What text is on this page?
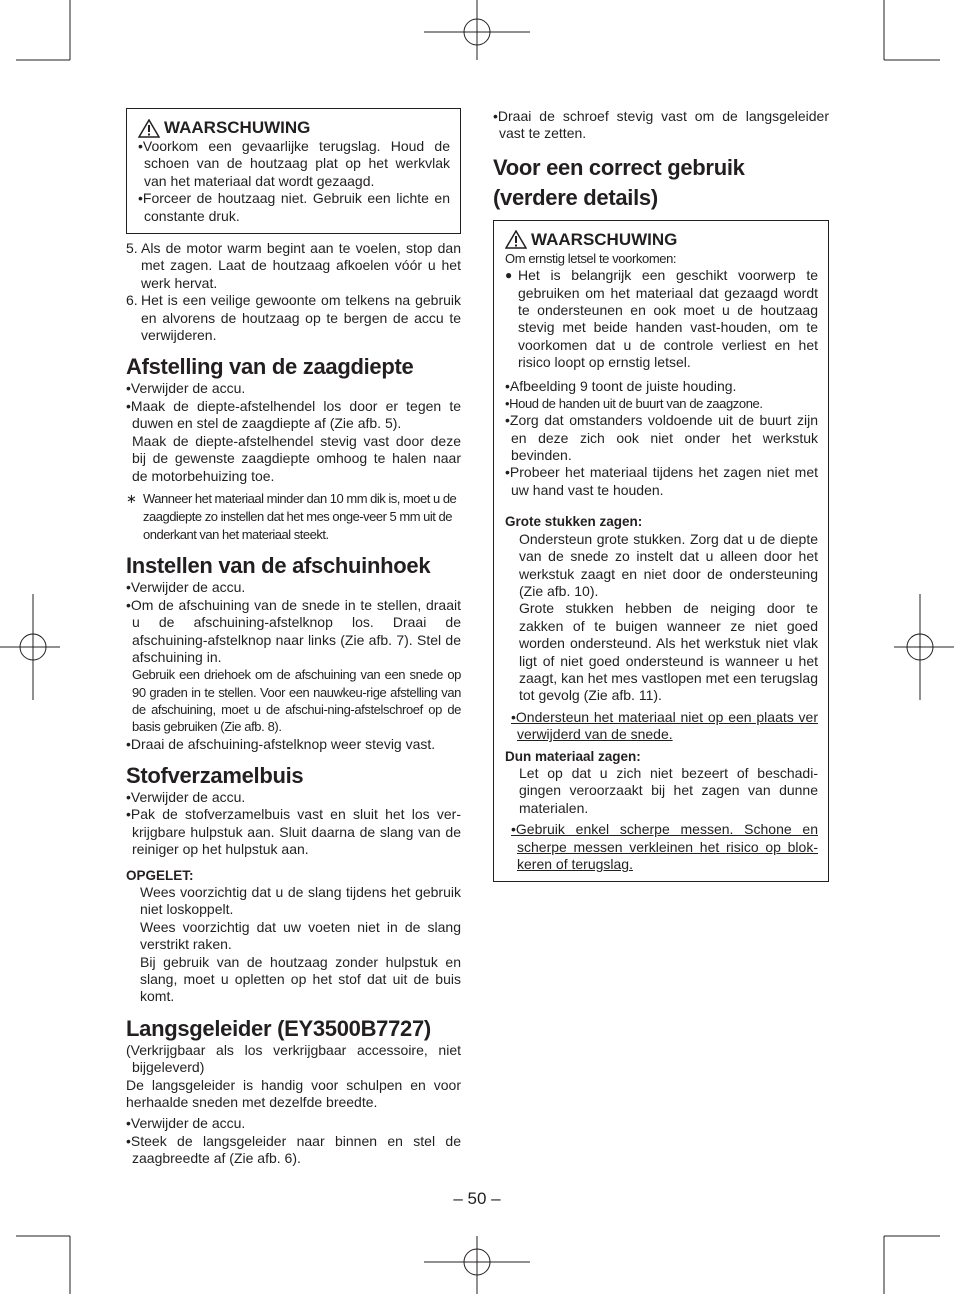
WAARSCHUWING

•Voorkom een gevaarlijke terugslag. Houd de schoen van de houtzaag plat op het werkvlak van het materiaal dat wordt gezaagd.

•Forceer de houtzaag niet. Gebruik een lichte en constante druk.

5. Als de motor warm begint aan te voelen, stop dan met zagen. Laat de houtzaag afkoelen vóór u het werk hervat.
6. Het is een veilige gewoonte om telkens na gebruik en alvorens de houtzaag op te bergen de accu te verwijderen.
Afstelling van de zaagdiepte

•Verwijder de accu.

•Maak de diepte-afstelhendel los door er tegen te duwen en stel de zaagdiepte af (Zie afb. 5).

Maak de diepte-afstelhendel stevig vast door deze bij de gewenste zaagdiepte omhoog te halen naar de motorbehuizing toe.

∗ Wanneer het materiaal minder dan 10 mm dik is, moet u de zaagdiepte zo instellen dat het mes onge-veer 5 mm uit de onderkant van het materiaal steekt.
Instellen van de afschuinhoek

•Verwijder de accu.

•Om de afschuining van de snede in te stellen, draait u de afschuining-afstelknop los. Draai de afschuining-afstelknop naar links (Zie afb. 7). Stel de afschuining in.

Gebruik een driehoek om de afschuining van een snede op 90 graden in te stellen. Voor een nauwkeu-rige afstelling van de afschuining, moet u de afschui-ning-afstelschroef op de basis gebruiken (Zie afb. 8).

•Draai de afschuining-afstelknop weer stevig vast.

Stofverzamelbuis

•Verwijder de accu.

•Pak de stofverzamelbuis vast en sluit het los ver-krijgbare hulpstuk aan. Sluit daarna de slang van de reiniger op het hulpstuk aan.

OPGELET:

Wees voorzichtig dat u de slang tijdens het gebruik niet loskoppelt.

Wees voorzichtig dat uw voeten niet in de slang verstrikt raken.

Bij gebruik van de houtzaag zonder hulpstuk en slang, moet u opletten op het stof dat uit de buis komt.

Langsgeleider (EY3500B7727)

(Verkrijgbaar als los verkrijgbaar accessoire, niet bijgeleverd)

De langsgeleider is handig voor schulpen en voor herhaalde sneden met dezelfde breedte.

•Verwijder de accu.

•Steek de langsgeleider naar binnen en stel de zaagbreedte af (Zie afb. 6).

•Draai de schroef stevig vast om de langsgeleider vast te zetten.

Voor een correct gebruik (verdere details)
WAARSCHUWING

Om ernstig letsel te voorkomen:

● Het is belangrijk een geschikt voorwerp te gebruiken om het materiaal dat gezaagd wordt te ondersteunen en ook moet u de houtzaag stevig met beide handen vast-houden, om te voorkomen dat u de controle verliest en het risico loopt op ernstig letsel.

•Afbeelding 9 toont de juiste houding.

•Houd de handen uit de buurt van de zaagzone.

•Zorg dat omstanders voldoende uit de buurt zijn en deze zich ook niet onder het werkstuk bevinden.

•Probeer het materiaal tijdens het zagen niet met uw hand vast te houden.

Grote stukken zagen:

Ondersteun grote stukken. Zorg dat u de diepte van de snede zo instelt dat u alleen door het werkstuk zaagt en niet door de ondersteuning (Zie afb. 10).

Grote stukken hebben de neiging door te zakken of te buigen wanneer ze niet goed worden ondersteund. Als het werkstuk niet vlak ligt of niet goed ondersteund is wanneer u het zaagt, kan het mes vastlopen met een terugslag tot gevolg (Zie afb. 11).

•Ondersteun het materiaal niet op een plaats ver verwijderd van de snede.

Dun materiaal zagen:

Let op dat u zich niet bezeert of beschadi-gingen veroorzaakt bij het zagen van dunne materialen.

•Gebruik enkel scherpe messen. Schone en scherpe messen verkleinen het risico op blok-keren of terugslag.

– 50 –
